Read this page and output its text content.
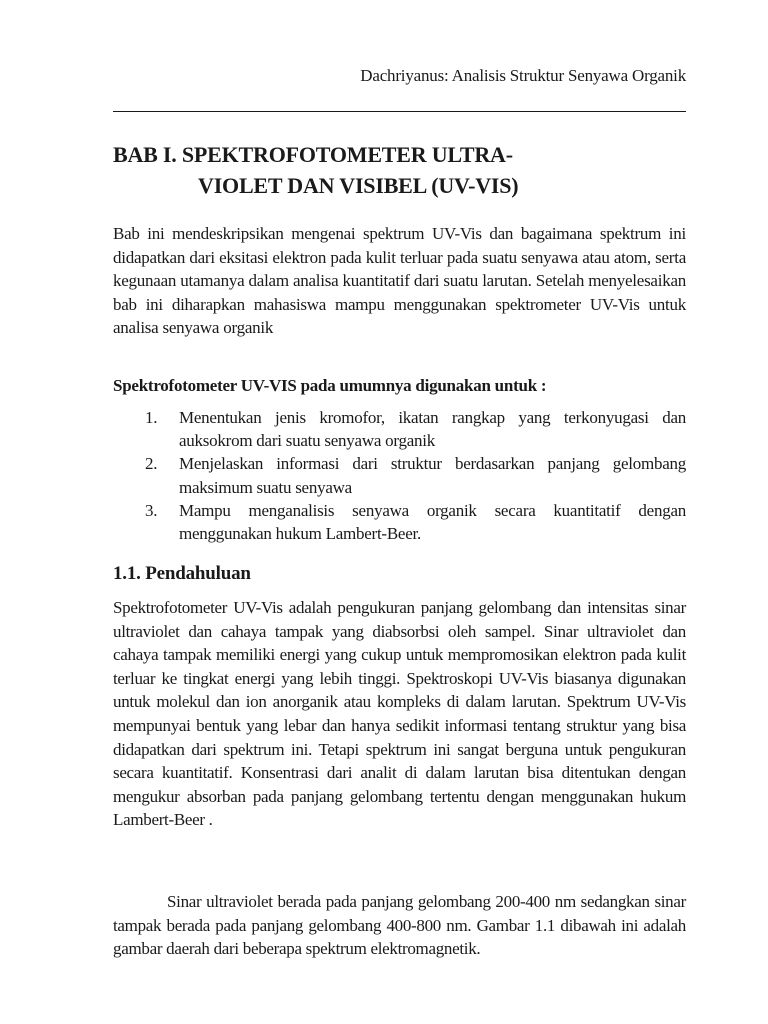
Dachriyanus: Analisis Struktur Senyawa Organik
BAB I. SPEKTROFOTOMETER ULTRA-
VIOLET DAN VISIBEL (UV-VIS)

Bab ini mendeskripsikan mengenai spektrum UV-Vis dan bagaimana spektrum ini didapatkan dari eksitasi elektron pada kulit terluar pada suatu senyawa atau atom, serta kegunaan utamanya dalam analisa kuantitatif dari suatu larutan. Setelah menyelesaikan bab ini diharapkan mahasiswa mampu menggunakan spektrometer UV-Vis untuk analisa senyawa organik

Spektrofotometer UV-VIS pada umumnya digunakan untuk :

1. Menentukan jenis kromofor, ikatan rangkap yang terkonyugasi dan auksokrom dari suatu senyawa organik
2. Menjelaskan informasi dari struktur berdasarkan panjang gelombang maksimum suatu senyawa
3. Mampu menganalisis senyawa organik secara kuantitatif dengan menggunakan hukum Lambert-Beer.
1.1. Pendahuluan

Spektrofotometer UV-Vis adalah pengukuran panjang gelombang dan intensitas sinar ultraviolet dan cahaya tampak yang diabsorbsi oleh sampel. Sinar ultraviolet dan cahaya tampak memiliki energi yang cukup untuk mempromosikan elektron pada kulit terluar ke tingkat energi yang lebih tinggi. Spektroskopi UV-Vis biasanya digunakan untuk molekul dan ion anorganik atau kompleks di dalam larutan. Spektrum UV-Vis mempunyai bentuk yang lebar dan hanya sedikit informasi tentang struktur yang bisa didapatkan dari spektrum ini. Tetapi spektrum ini sangat berguna untuk pengukuran secara kuantitatif. Konsentrasi dari analit di dalam larutan bisa ditentukan dengan mengukur absorban pada panjang gelombang tertentu dengan menggunakan hukum Lambert-Beer .

Sinar ultraviolet berada pada panjang gelombang 200-400 nm sedangkan sinar tampak berada pada panjang gelombang 400-800 nm. Gambar 1.1 dibawah ini adalah gambar daerah dari beberapa spektrum elektromagnetik.
